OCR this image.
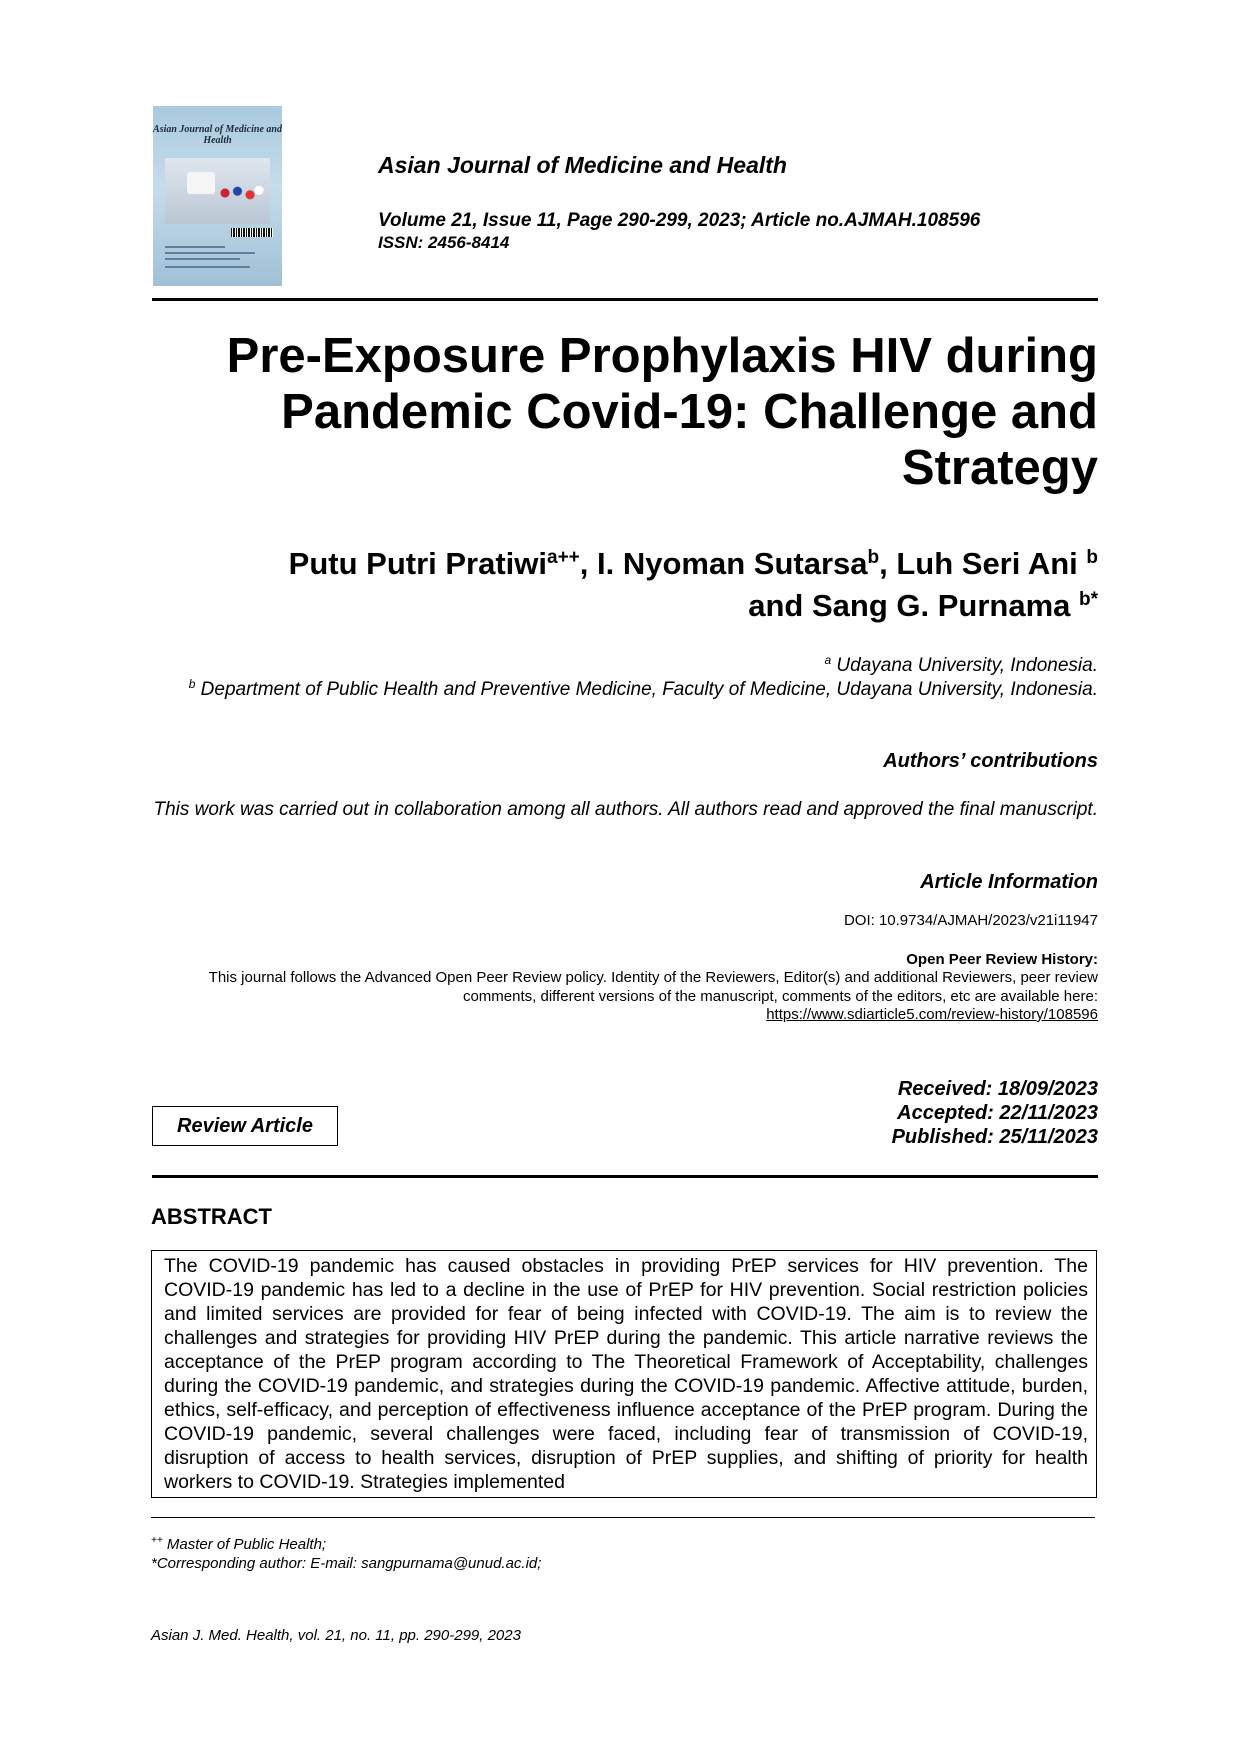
Asian Journal of Medicine and Health
Asian Journal of Medicine and Health
Volume 21, Issue 11, Page 290-299, 2023; Article no.AJMAH.108596
ISSN: 2456-8414
Pre-Exposure Prophylaxis HIV during
Pandemic Covid-19: Challenge and
Strategy
Putu Putri Pratiwi$^{a++}$, I. Nyoman Sutarsa$^b$, Luh Seri Ani $^b$
and Sang G. Purnama $^{b*}$
$^a$ Udayana University, Indonesia.
$^b$ Department of Public Health and Preventive Medicine, Faculty of Medicine, Udayana University, Indonesia.
Authors’ contributions
This work was carried out in collaboration among all authors. All authors read and approved the final manuscript.
Article Information
DOI: 10.9734/AJMAH/2023/v21i11947
Open Peer Review History:
This journal follows the Advanced Open Peer Review policy. Identity of the Reviewers, Editor(s) and additional Reviewers, peer review comments, different versions of the manuscript, comments of the editors, etc are available here:
https://www.sdiarticle5.com/review-history/108596
Received: 18/09/2023
Accepted: 22/11/2023
Published: 25/11/2023
Review Article
ABSTRACT

The COVID-19 pandemic has caused obstacles in providing PrEP services for HIV prevention. The COVID-19 pandemic has led to a decline in the use of PrEP for HIV prevention. Social restriction policies and limited services are provided for fear of being infected with COVID-19. The aim is to review the challenges and strategies for providing HIV PrEP during the pandemic. This article narrative reviews the acceptance of the PrEP program according to The Theoretical Framework of Acceptability, challenges during the COVID-19 pandemic, and strategies during the COVID-19 pandemic. Affective attitude, burden, ethics, self-efficacy, and perception of effectiveness influence acceptance of the PrEP program. During the COVID-19 pandemic, several challenges were faced, including fear of transmission of COVID-19, disruption of access to health services, disruption of PrEP supplies, and shifting of priority for health workers to COVID-19. Strategies implemented

++ Master of Public Health;
*Corresponding author: E-mail: sangpurnama@unud.ac.id;
Asian J. Med. Health, vol. 21, no. 11, pp. 290-299, 2023
